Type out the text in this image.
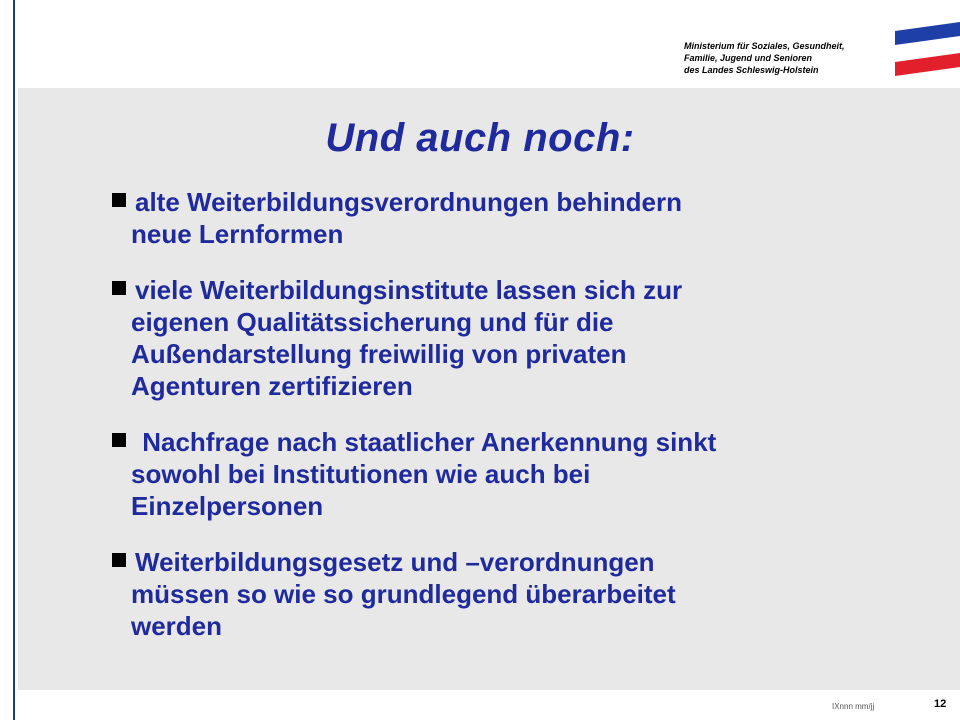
Ministerium für Soziales, Gesundheit,
Familie, Jugend und Senioren
des Landes Schleswig-Holstein
Und auch noch:
alte Weiterbildungsverordnungen behindern
neue Lernformen
viele Weiterbildungsinstitute lassen sich zur
eigenen Qualitätssicherung und für die
Außendarstellung freiwillig von privaten
Agenturen zertifizieren
Nachfrage nach staatlicher Anerkennung sinkt
sowohl bei Institutionen wie auch bei
Einzelpersonen
Weiterbildungsgesetz und –verordnungen
müssen so wie so grundlegend überarbeitet
werden
IXnnn mm/jj	12
